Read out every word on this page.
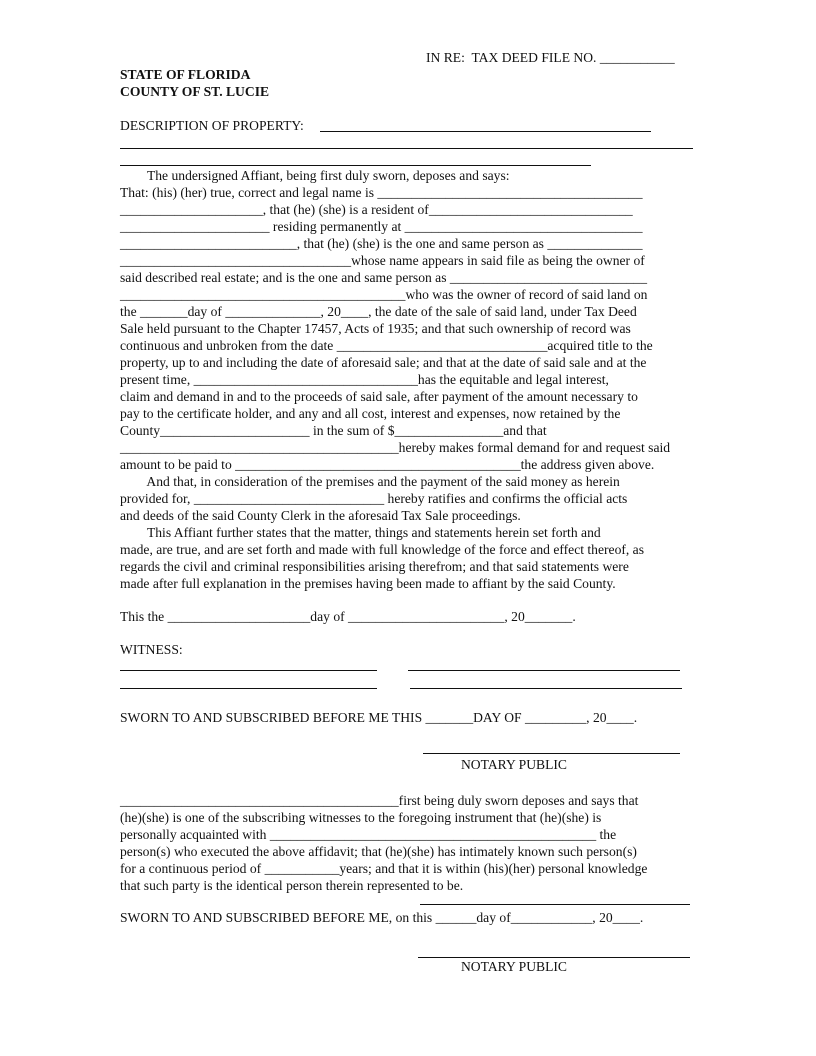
IN RE:  TAX DEED FILE NO. ___________
STATE OF FLORIDA
COUNTY OF ST. LUCIE
DESCRIPTION OF PROPERTY:
The undersigned Affiant, being first duly sworn, deposes and says:
That: (his) (her) true, correct and legal name is _______________________________________
_____________________, that (he) (she) is a resident of______________________________
______________________ residing permanently at ___________________________________
__________________________, that (he) (she) is the one and same person as ______________
__________________________________whose name appears in said file as being the owner of
said described real estate; and is the one and same person as _____________________________
__________________________________________who was the owner of record of said land on
the _______day of ______________, 20____, the date of the sale of said land, under Tax Deed
Sale held pursuant to the Chapter 17457, Acts of 1935; and that such ownership of record was
continuous and unbroken from the date _______________________________acquired title to the
property, up to and including the date of aforesaid sale; and that at the date of said sale and at the
present time, _________________________________has the equitable and legal interest,
claim and demand in and to the proceeds of said sale, after payment of the amount necessary to
pay to the certificate holder, and any and all cost, interest and expenses, now retained by the
County______________________ in the sum of $________________and that
_________________________________________hereby makes formal demand for and request said
amount to be paid to __________________________________________the address given above.
And that, in consideration of the premises and the payment of the said money as herein
provided for, ____________________________ hereby ratifies and confirms the official acts
and deeds of the said County Clerk in the aforesaid Tax Sale proceedings.
This Affiant further states that the matter, things and statements herein set forth and
made, are true, and are set forth and made with full knowledge of the force and effect thereof, as
regards the civil and criminal responsibilities arising therefrom; and that said statements were
made after full explanation in the premises having been made to affiant by the said County.
This the _____________________day of _______________________, 20_______.
WITNESS:
SWORN TO AND SUBSCRIBED BEFORE ME THIS _______DAY OF _________, 20____.
NOTARY PUBLIC
_________________________________________first being duly sworn deposes and says that
(he)(she) is one of the subscribing witnesses to the foregoing instrument that (he)(she) is
personally acquainted with ________________________________________________ the
person(s) who executed the above affidavit; that (he)(she) has intimately known such person(s)
for a continuous period of ___________years; and that it is within (his)(her) personal knowledge
that such party is the identical person therein represented to be.
SWORN TO AND SUBSCRIBED BEFORE ME, on this ______day of____________, 20____.
NOTARY PUBLIC
